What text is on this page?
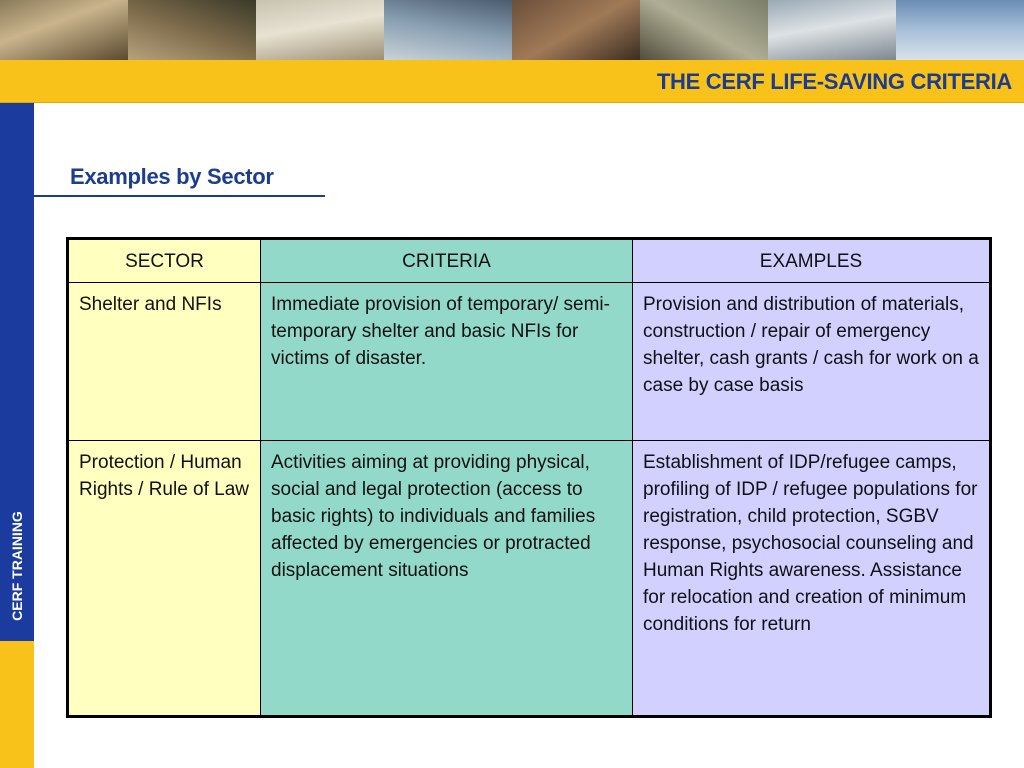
THE CERF LIFE-SAVING CRITERIA
CERF TRAINING
Examples by Sector
SECTOR	CRITERIA	EXAMPLES
Shelter and NFIs	Immediate provision of temporary/ semi-temporary shelter and basic NFIs for victims of disaster.	Provision and distribution of materials, construction / repair of emergency shelter, cash grants / cash for work on a case by case basis
Protection / Human Rights / Rule of Law	Activities aiming at providing physical, social and legal protection (access to basic rights) to individuals and families affected by emergencies or protracted displacement situations	Establishment of IDP/refugee camps, profiling of IDP / refugee populations for registration, child protection, SGBV response, psychosocial counseling and Human Rights awareness. Assistance for relocation and creation of minimum conditions for return
